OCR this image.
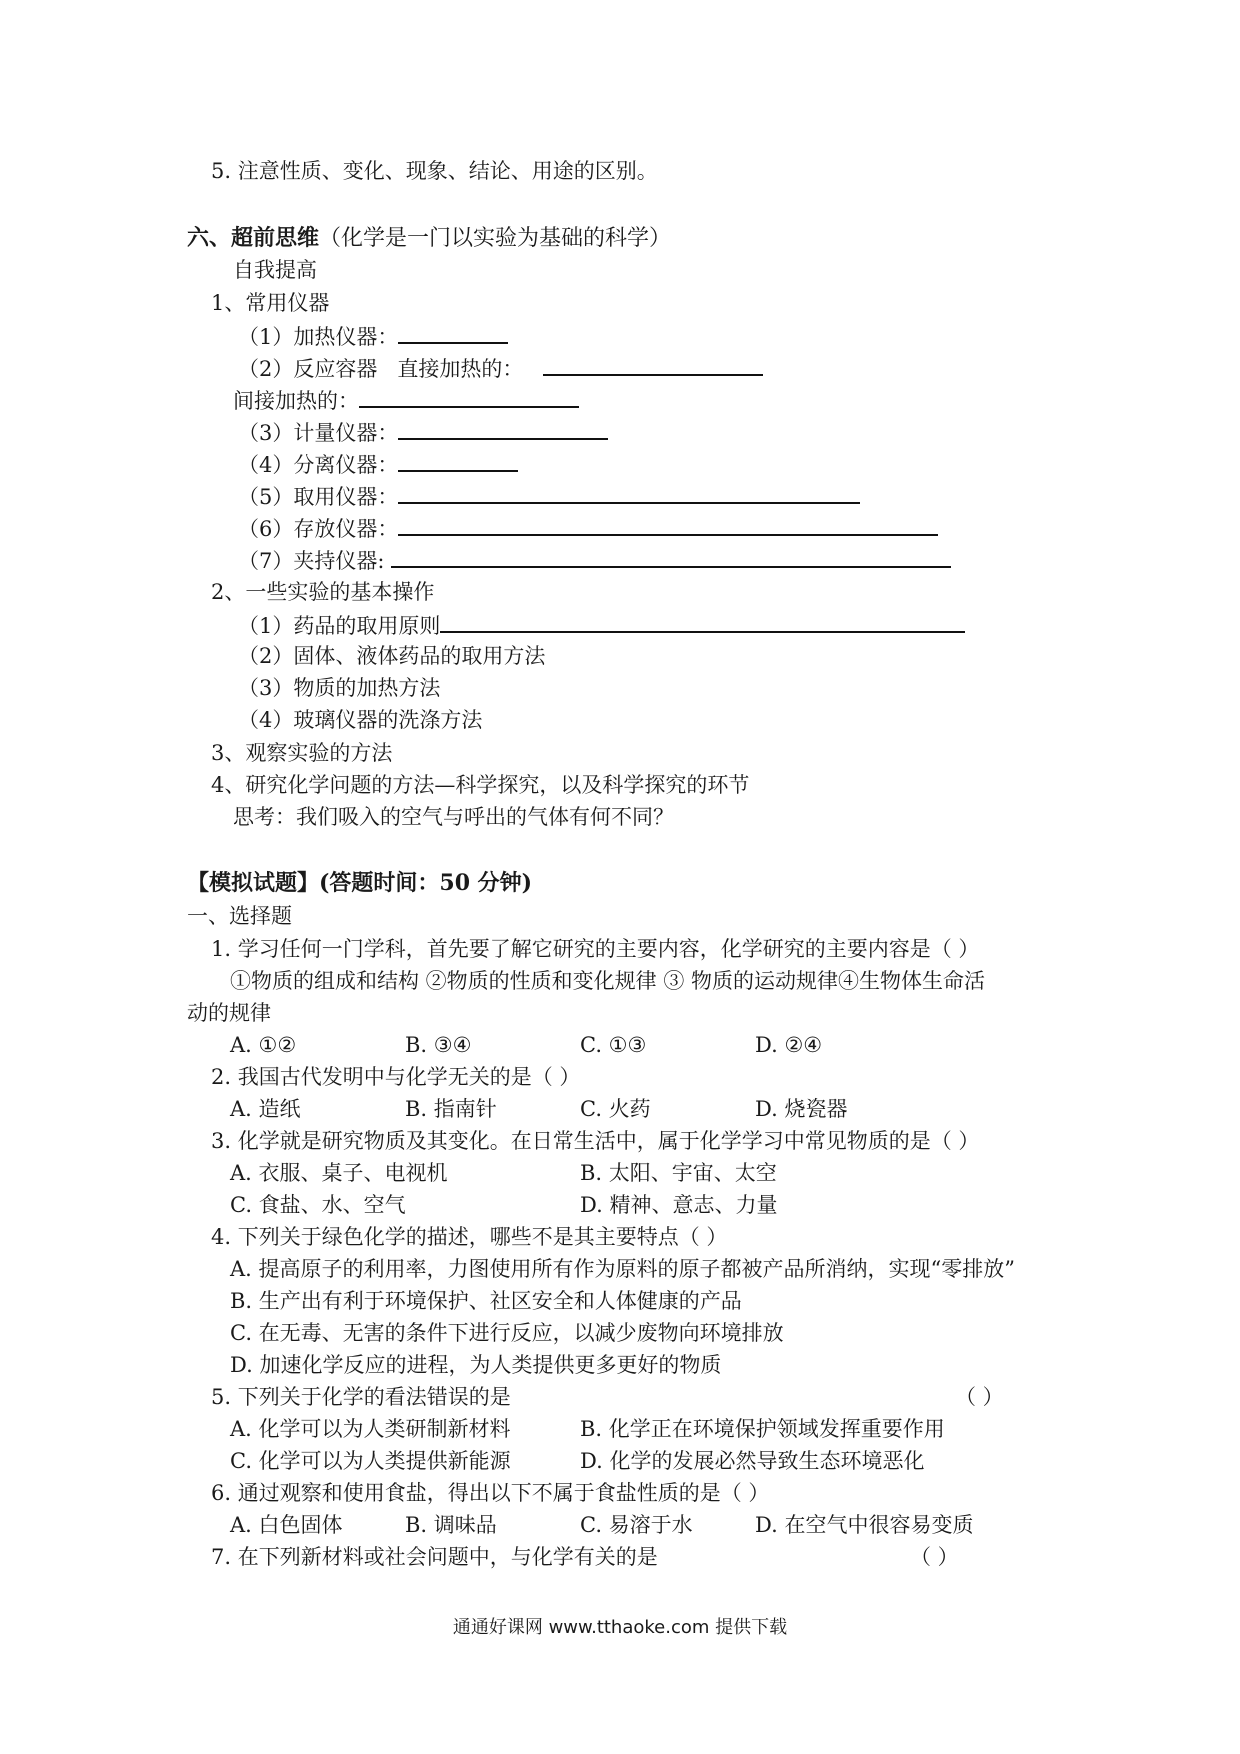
5. 注意性质、变化、现象、结论、用途的区别。
六、超前思维（化学是一门以实验为基础的科学）
自我提高
1、常用仪器
（1）加热仪器：
（2）反应容器 直接加热的：
间接加热的：
（3）计量仪器：
（4）分离仪器：
（5）取用仪器：
（6）存放仪器：
（7）夹持仪器:
2、一些实验的基本操作
（1）药品的取用原则
（2）固体、液体药品的取用方法
（3）物质的加热方法
（4）玻璃仪器的洗涤方法
3、观察实验的方法
4、研究化学问题的方法—科学探究，以及科学探究的环节
思考：我们吸入的空气与呼出的气体有何不同？
【模拟试题】(答题时间：50 分钟)
一、选择题
1. 学习任何一门学科，首先要了解它研究的主要内容，化学研究的主要内容是（ ）
①物质的组成和结构 ②物质的性质和变化规律 ③ 物质的运动规律④生物体生命活
动的规律
A. ①②	B. ③④	C. ①③	D. ②④
2. 我国古代发明中与化学无关的是（ ）
A. 造纸	B. 指南针	C. 火药	D. 烧瓷器
3. 化学就是研究物质及其变化。在日常生活中，属于化学学习中常见物质的是（ ）
A. 衣服、桌子、电视机	B. 太阳、宇宙、太空
C. 食盐、水、空气	D. 精神、意志、力量
4. 下列关于绿色化学的描述，哪些不是其主要特点（ ）
A. 提高原子的利用率，力图使用所有作为原料的原子都被产品所消纳，实现“零排放”
B. 生产出有利于环境保护、社区安全和人体健康的产品
C. 在无毒、无害的条件下进行反应，以减少废物向环境排放
D. 加速化学反应的进程，为人类提供更多更好的物质
5. 下列关于化学的看法错误的是	（ ）
A. 化学可以为人类研制新材料	B. 化学正在环境保护领域发挥重要作用
C. 化学可以为人类提供新能源	D. 化学的发展必然导致生态环境恶化
6. 通过观察和使用食盐，得出以下不属于食盐性质的是（ ）
A. 白色固体	B. 调味品	C. 易溶于水	D. 在空气中很容易变质
7. 在下列新材料或社会问题中，与化学有关的是	（ ）
通通好课网 www.tthaoke.com 提供下载
